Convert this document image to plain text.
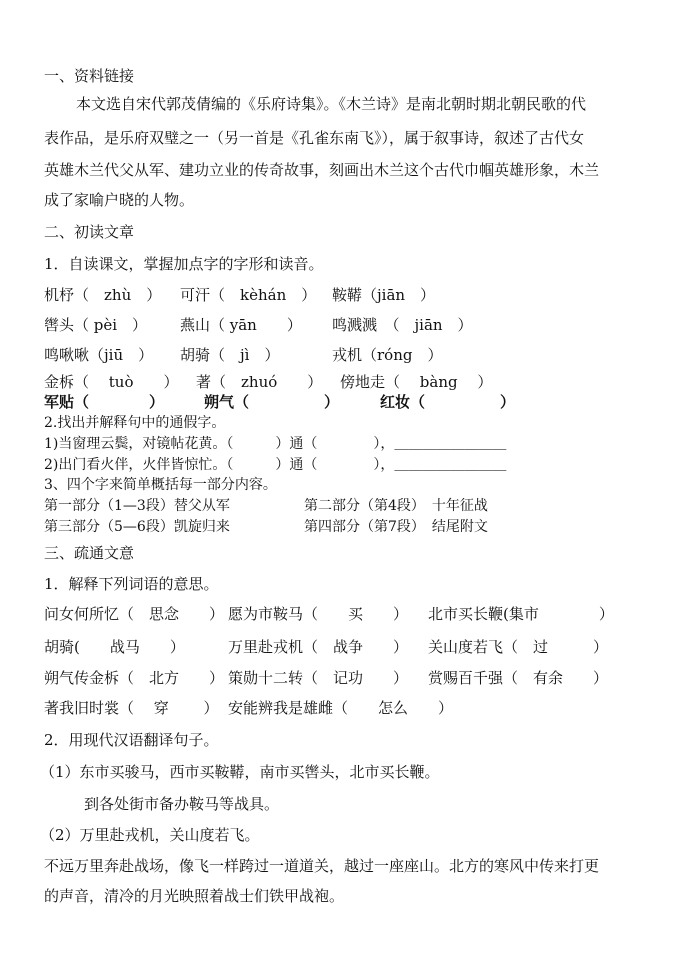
一、资料链接
本文选自宋代郭茂倩编的《乐府诗集》。《木兰诗》是南北朝时期北朝民歌的代
表作品，是乐府双璧之一（另一首是《孔雀东南飞》），属于叙事诗，叙述了古代女
英雄木兰代父从军、建功立业的传奇故事，刻画出木兰这个古代巾帼英雄形象，木兰
成了家喻户晓的人物。
二、初读文章
1．自读课文，掌握加点字的字形和读音。
机杼（　zhù　） 可汗（　kèhán　） 鞍鞯（jiān　）
辔头（ pèi　） 燕山（ yān　　） 鸣溅溅　（　jiān　）
鸣啾啾（jiū　） 胡骑（　jì　）	戎机（róng　）
金柝（　 tuò　　） 著（　zhuó　　） 傍地走（　 bàng　 ）
军贴（　　　　）	朔气（　　　　　）	红妆（　　　　　）
2.找出并解释句中的通假字。
1)当窗理云鬓，对镜帖花黄。（　　　）通（　　　　），＿＿＿＿＿＿＿＿
2)出门看火伴，火伴皆惊忙。（　　　）通（　　　　），＿＿＿＿＿＿＿＿
3、四个字来简单概括每一部分内容。
第一部分（1—3段）替父从军	第二部分（第4段）　十年征战
第三部分（5—6段）凯旋归来	第四部分（第7段）　结尾附文
三、疏通文意
1．解释下列词语的意思。
问女何所忆（　思念　　） 愿为市鞍马（　　买　　） 北市买长鞭(集市　　　　）
胡骑(　　战马　　）	万里赴戎机（　战争　　） 关山度若飞（　过　　　）
朔气传金柝（　北方　　） 策勋十二转（　记功　　） 赏赐百千强（　有余　　）
著我旧时裳（　 穿　　 ） 安能辨我是雄雌（　　怎么　　）
2．用现代汉语翻译句子。
（1）东市买骏马，西市买鞍鞯，南市买辔头，北市买长鞭。
到各处街市备办鞍马等战具。
（2）万里赴戎机，关山度若飞。
不远万里奔赴战场，像飞一样跨过一道道关，越过一座座山。北方的寒风中传来打更
的声音，清冷的月光映照着战士们铁甲战袍。
